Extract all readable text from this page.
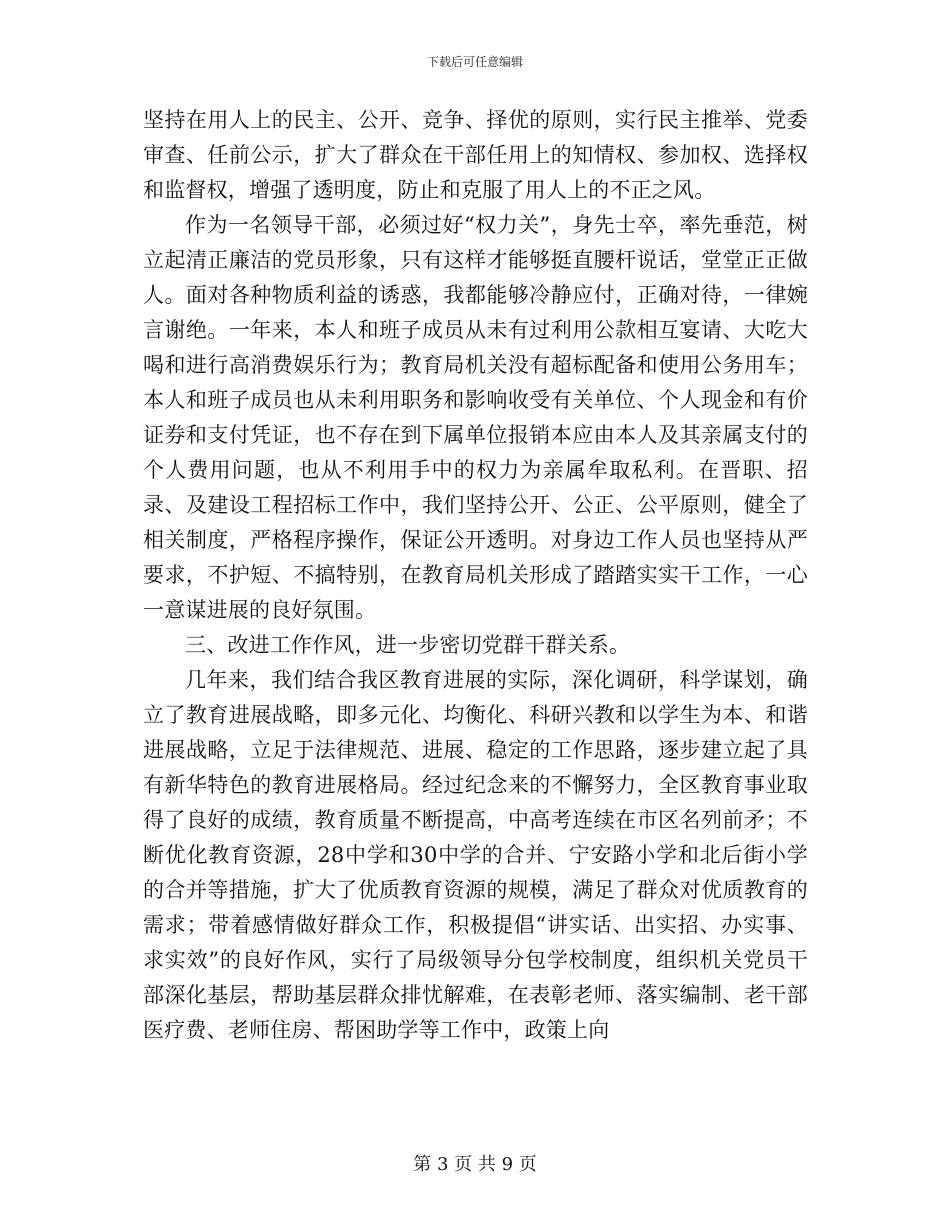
下载后可任意编辑

坚持在用人上的民主、公开、竞争、择优的原则，实行民主推举、党委审查、任前公示，扩大了群众在干部任用上的知情权、参加权、选择权和监督权，增强了透明度，防止和克服了用人上的不正之风。

作为一名领导干部，必须过好“权力关”，身先士卒，率先垂范，树立起清正廉洁的党员形象，只有这样才能够挺直腰杆说话，堂堂正正做人。面对各种物质利益的诱惑，我都能够冷静应付，正确对待，一律婉言谢绝。一年来，本人和班子成员从未有过利用公款相互宴请、大吃大喝和进行高消费娱乐行为；教育局机关没有超标配备和使用公务用车；本人和班子成员也从未利用职务和影响收受有关单位、个人现金和有价证券和支付凭证，也不存在到下属单位报销本应由本人及其亲属支付的个人费用问题，也从不利用手中的权力为亲属牟取私利。在晋职、招录、及建设工程招标工作中，我们坚持公开、公正、公平原则，健全了相关制度，严格程序操作，保证公开透明。对身边工作人员也坚持从严要求，不护短、不搞特别，在教育局机关形成了踏踏实实干工作，一心一意谋进展的良好氛围。

三、改进工作作风，进一步密切党群干群关系。

几年来，我们结合我区教育进展的实际，深化调研，科学谋划，确立了教育进展战略，即多元化、均衡化、科研兴教和以学生为本、和谐进展战略，立足于法律规范、进展、稳定的工作思路，逐步建立起了具有新华特色的教育进展格局。经过纪念来的不懈努力，全区教育事业取得了良好的成绩，教育质量不断提高，中高考连续在市区名列前矛；不断优化教育资源，28中学和30中学的合并、宁安路小学和北后街小学的合并等措施，扩大了优质教育资源的规模，满足了群众对优质教育的需求；带着感情做好群众工作，积极提倡“讲实话、出实招、办实事、求实效”的良好作风，实行了局级领导分包学校制度，组织机关党员干部深化基层，帮助基层群众排忧解难，在表彰老师、落实编制、老干部医疗费、老师住房、帮困助学等工作中，政策上向

第 3 页 共 9 页
